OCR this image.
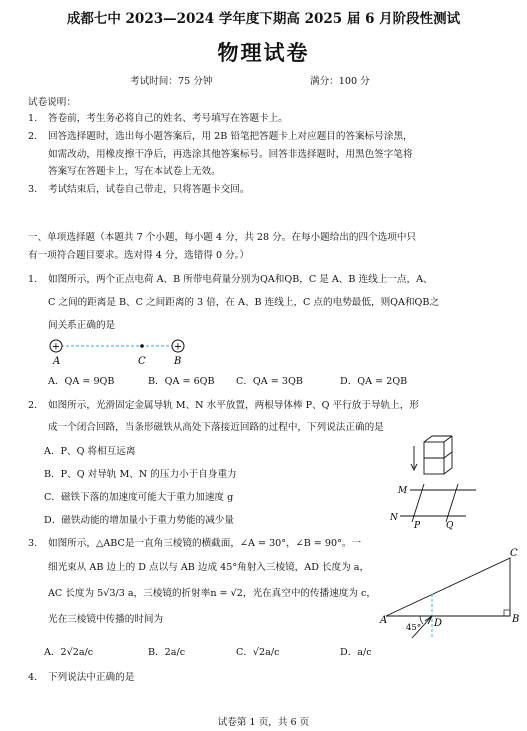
成都七中 2023—2024 学年度下期高 2025 届 6 月阶段性测试
物理试卷
考试时间：75 分钟	满分：100 分
试卷说明：
1. 答卷前，考生务必将自己的姓名、考号填写在答题卡上。
2. 回答选择题时，选出每小题答案后，用 2B 铅笔把答题卡上对应题目的答案标号涂黑，
如需改动，用橡皮擦干净后，再选涂其他答案标号。回答非选择题时，用黑色签字笔将
答案写在答题卡上，写在本试卷上无效。
3. 考试结束后，试卷自己带走，只将答题卡交回。
一、单项选择题（本题共 7 个小题，每小题 4 分，共 28 分。在每小题给出的四个选项中只
有一项符合题目要求。选对得 4 分，选错得 0 分。）
1. 如图所示，两个正点电荷 A、B 所带电荷量分别为QA和QB，C 是 A、B 连线上一点，A、
C 之间的距离是 B、C 之间距离的 3 倍，在 A、B 连线上，C 点的电势最低，则QA和QB之
间关系正确的是
+	+
A	C	B
A．QA = 9QB	B．QA = 6QB C．QA = 3QB	D．QA = 2QB
2. 如图所示，光滑固定金属导轨 M、N 水平放置，两根导体棒 P、Q 平行放于导轨上，形
成一个闭合回路，当条形磁铁从高处下落接近回路的过程中，下列说法正确的是
A．P、Q 将相互远离
B．P、Q 对导轨 M、N 的压力小于自身重力
C．磁铁下落的加速度可能大于重力加速度 g
D．磁铁动能的增加量小于重力势能的减少量
M
N
P	Q
3. 如图所示，△ABC是一直角三棱镜的横截面，∠A = 30°，∠B = 90°。一
细光束从 AB 边上的 D 点以与 AB 边成 45°角射入三棱镜，AD 长度为 a，
AC 长度为 5√3/3 a，三棱镜的折射率n = √2，光在真空中的传播速度为 c，
光在三棱镜中传播的时间为
A．2√2a/c	B．2a/c	C．√2a/c	D．a/c
A	B
C
D
45°
4. 下列说法中正确的是
试卷第 1 页，共 6 页
